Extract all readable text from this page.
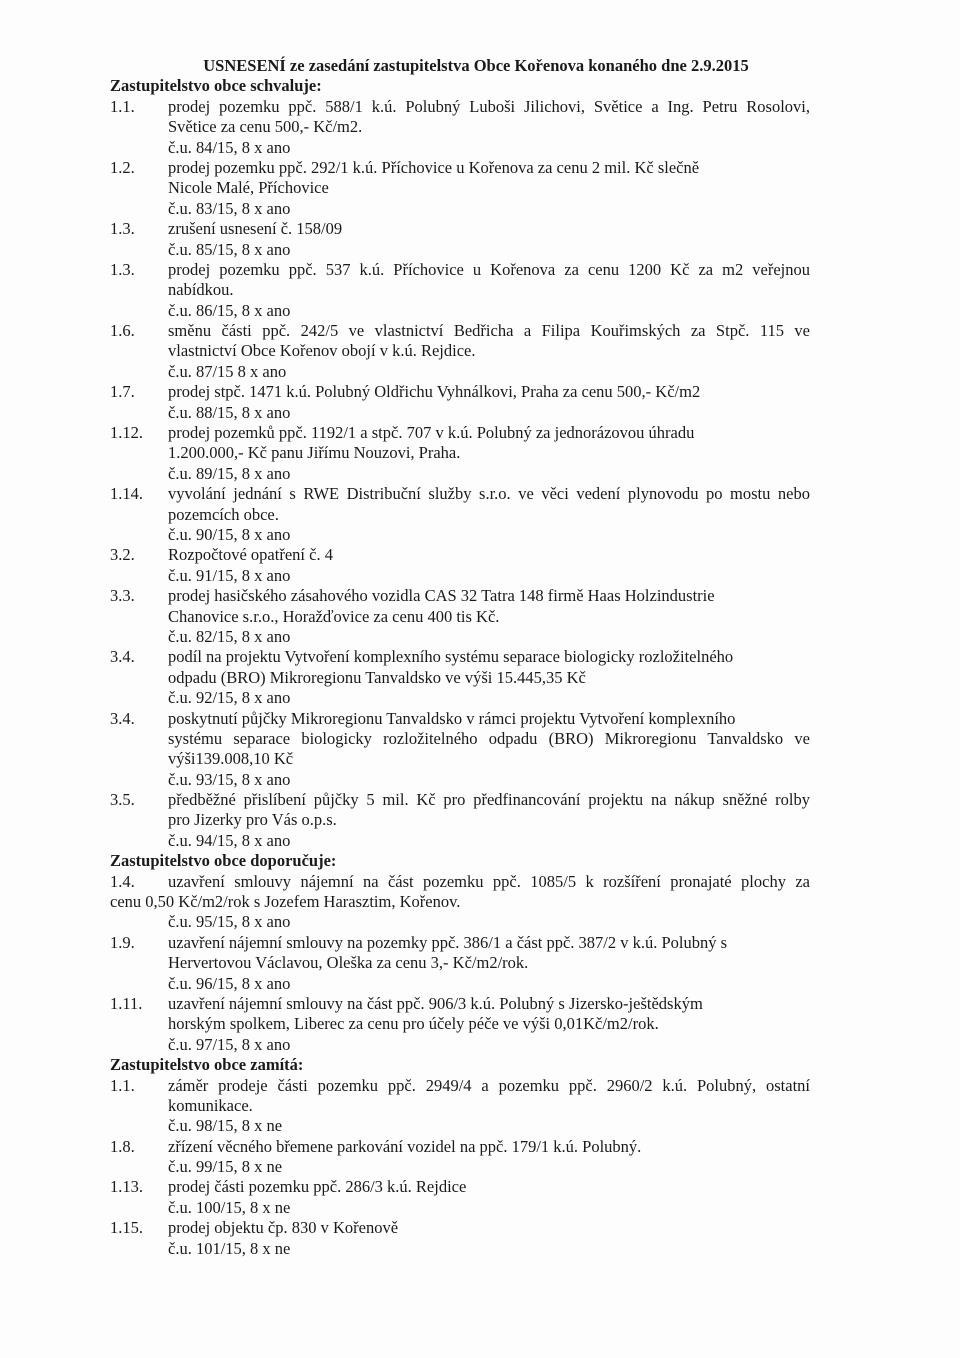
USNESENÍ ze zasedání zastupitelstva Obce Kořenova konaného dne 2.9.2015
Zastupitelstvo obce schvaluje:
1.1. prodej pozemku ppč. 588/1 k.ú. Polubný Luboši Jilichovi, Světice a Ing. Petru Rosolovi,
Světice za cenu 500,- Kč/m2.
č.u. 84/15, 8 x ano
1.2. prodej pozemku ppč. 292/1 k.ú. Příchovice u Kořenova za cenu 2 mil. Kč slečně
Nicole Malé, Příchovice
č.u. 83/15, 8 x ano
1.3. zrušení usnesení č. 158/09
č.u. 85/15, 8 x ano
1.3. prodej pozemku ppč. 537 k.ú. Příchovice u Kořenova za cenu 1200 Kč za m2 veřejnou
nabídkou.
č.u. 86/15, 8 x ano
1.6. směnu části ppč. 242/5 ve vlastnictví Bedřicha a Filipa Kouřimských za Stpč. 115 ve
vlastnictví Obce Kořenov obojí v k.ú. Rejdice.
č.u. 87/15 8 x ano
1.7. prodej stpč. 1471 k.ú. Polubný Oldřichu Vyhnálkovi, Praha za cenu 500,- Kč/m2
č.u. 88/15, 8 x ano
1.12. prodej pozemků ppč. 1192/1 a stpč. 707 v k.ú. Polubný za jednorázovou úhradu
1.200.000,- Kč panu Jiřímu Nouzovi, Praha.
č.u. 89/15, 8 x ano
1.14. vyvolání jednání s RWE Distribuční služby s.r.o. ve věci vedení plynovodu po mostu nebo
pozemcích obce.
č.u. 90/15, 8 x ano
3.2. Rozpočtové opatření č. 4
č.u. 91/15, 8 x ano
3.3. prodej hasičského zásahového vozidla CAS 32 Tatra 148 firmě Haas Holzindustrie
Chanovice s.r.o., Horažďovice za cenu 400 tis Kč.
č.u. 82/15, 8 x ano
3.4. podíl na projektu Vytvoření komplexního systému separace biologicky rozložitelného
odpadu (BRO) Mikroregionu Tanvaldsko ve výši 15.445,35 Kč
č.u. 92/15, 8 x ano
3.4. poskytnutí půjčky Mikroregionu Tanvaldsko v rámci projektu Vytvoření komplexního
systému separace biologicky rozložitelného odpadu (BRO) Mikroregionu Tanvaldsko ve
výši139.008,10 Kč
č.u. 93/15, 8 x ano
3.5. předběžné přislíbení půjčky 5 mil. Kč pro předfinancování projektu na nákup sněžné rolby
pro Jizerky pro Vás o.p.s.
č.u. 94/15, 8 x ano
Zastupitelstvo obce doporučuje:
1.4. uzavření smlouvy nájemní na část pozemku ppč. 1085/5 k rozšíření pronajaté plochy za
cenu 0,50 Kč/m2/rok s Jozefem Harasztim, Kořenov.
č.u. 95/15, 8 x ano
1.9. uzavření nájemní smlouvy na pozemky ppč. 386/1 a část ppč. 387/2 v k.ú. Polubný s
Hervertovou Václavou, Oleška za cenu 3,- Kč/m2/rok.
č.u. 96/15, 8 x ano
1.11. uzavření nájemní smlouvy na část ppč. 906/3 k.ú. Polubný s Jizersko-ještědským
horským spolkem, Liberec za cenu pro účely péče ve výši 0,01Kč/m2/rok.
č.u. 97/15, 8 x ano
Zastupitelstvo obce zamítá:
1.1. záměr prodeje části pozemku ppč. 2949/4 a pozemku ppč. 2960/2 k.ú. Polubný, ostatní
komunikace.
č.u. 98/15, 8 x ne
1.8. zřízení věcného břemene parkování vozidel na ppč. 179/1 k.ú. Polubný.
č.u. 99/15, 8 x ne
1.13. prodej části pozemku ppč. 286/3 k.ú. Rejdice
č.u. 100/15, 8 x ne
1.15. prodej objektu čp. 830 v Kořenově
č.u. 101/15, 8 x ne
